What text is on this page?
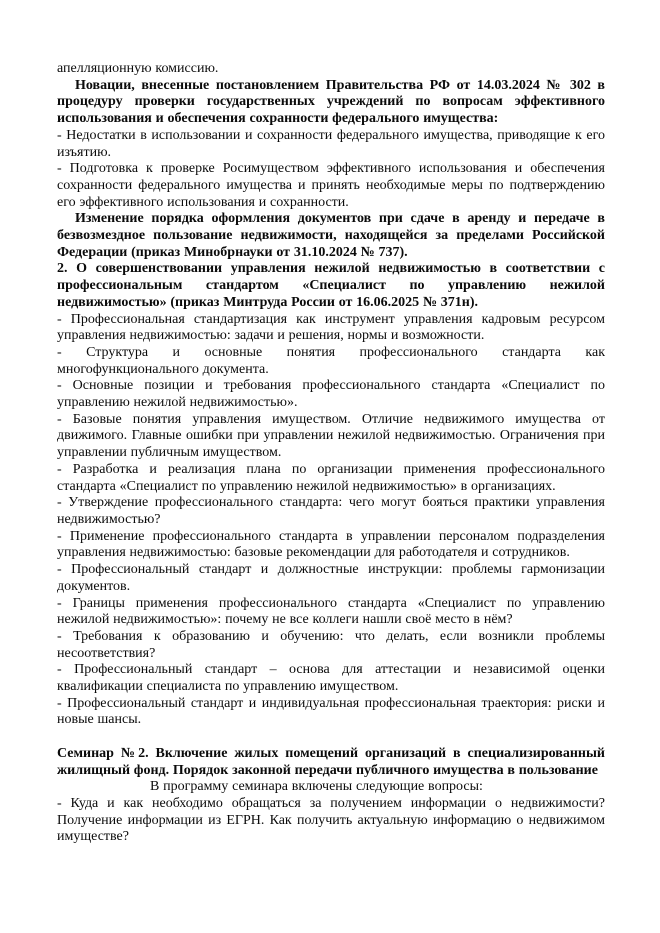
апелляционную комиссию.

Новации, внесенные постановлением Правительства РФ от 14.03.2024 № 302 в процедуру проверки государственных учреждений по вопросам эффективного использования и обеспечения сохранности федерального имущества:

- Недостатки в использовании и сохранности федерального имущества, приводящие к его изъятию.

- Подготовка к проверке Росимуществом эффективного использования и обеспечения сохранности федерального имущества и принять необходимые меры по подтверждению его эффективного использования и сохранности.

Изменение порядка оформления документов при сдаче в аренду и передаче в безвозмездное пользование недвижимости, находящейся за пределами Российской Федерации (приказ Минобрнауки от 31.10.2024 № 737).

2. О совершенствовании управления нежилой недвижимостью в соответствии с профессиональным стандартом «Специалист по управлению нежилой недвижимостью» (приказ Минтруда России от 16.06.2025 № 371н).

- Профессиональная стандартизация как инструмент управления кадровым ресурсом управления недвижимостью: задачи и решения, нормы и возможности.

- Структура и основные понятия профессионального стандарта как многофункционального документа.

- Основные позиции и требования профессионального стандарта «Специалист по управлению нежилой недвижимостью».

- Базовые понятия управления имуществом. Отличие недвижимого имущества от движимого. Главные ошибки при управлении нежилой недвижимостью. Ограничения при управлении публичным имуществом.

- Разработка и реализация плана по организации применения профессионального стандарта «Специалист по управлению нежилой недвижимостью» в организациях.

- Утверждение профессионального стандарта: чего могут бояться практики управления недвижимостью?

- Применение профессионального стандарта в управлении персоналом подразделения управления недвижимостью: базовые рекомендации для работодателя и сотрудников.

- Профессиональный стандарт и должностные инструкции: проблемы гармонизации документов.

- Границы применения профессионального стандарта «Специалист по управлению нежилой недвижимостью»: почему не все коллеги нашли своё место в нём?

- Требования к образованию и обучению: что делать, если возникли проблемы несоответствия?

- Профессиональный стандарт – основа для аттестации и независимой оценки квалификации специалиста по управлению имуществом.

- Профессиональный стандарт и индивидуальная профессиональная траектория: риски и новые шансы.

Семинар №2. Включение жилых помещений организаций в специализированный жилищный фонд. Порядок законной передачи публичного имущества в пользование

В программу семинара включены следующие вопросы:

- Куда и как необходимо обращаться за получением информации о недвижимости? Получение информации из ЕГРН. Как получить актуальную информацию о недвижимом имуществе?
